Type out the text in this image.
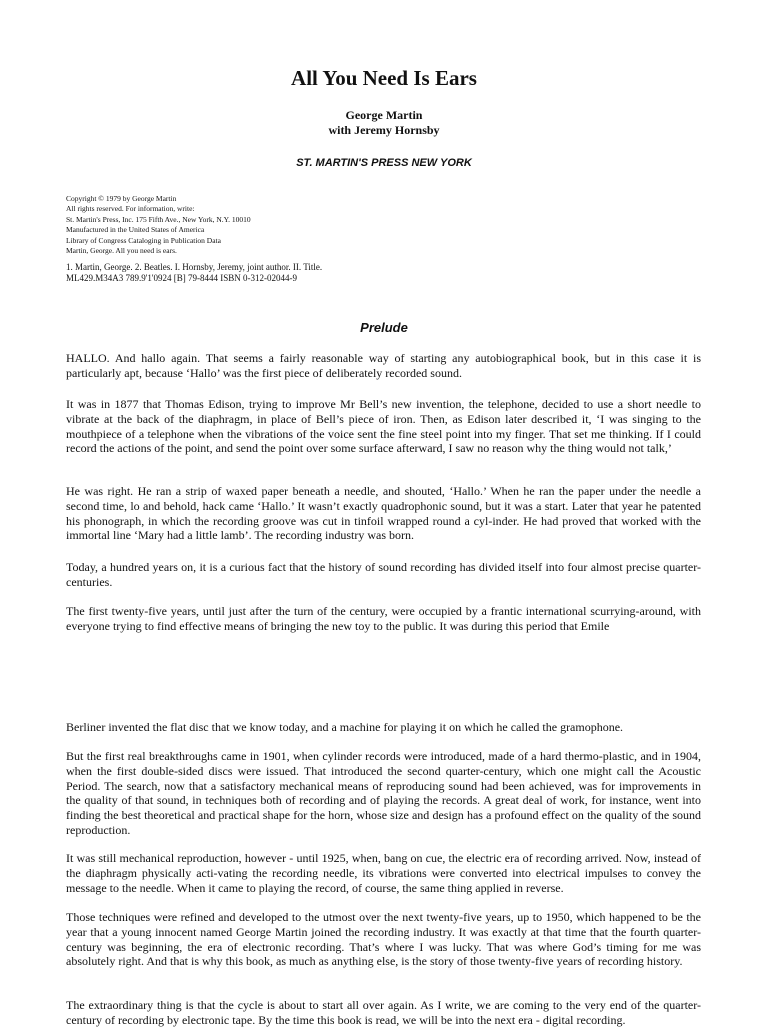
All You Need Is Ears

George Martin

with Jeremy Hornsby

ST. MARTIN'S PRESS NEW YORK

Copyright © 1979 by George Martin
All rights reserved. For information, write:
St. Martin's Press, Inc. 175 Fifth Ave., New York, N.Y. 10010
Manufactured in the United States of America
Library of Congress Cataloging in Publication Data
Martin, George. All you need is ears.
1. Martin, George. 2. Beatles. I. Hornsby, Jeremy, joint author. II. Title.
ML429.M34A3 789.9'1'0924 [B] 79-8444 ISBN 0-312-02044-9
Prelude

HALLO. And hallo again. That seems a fairly reasonable way of starting any autobiographical book, but in this case it is particularly apt, because ‘Hallo’ was the first piece of deliberately recorded sound.

It was in 1877 that Thomas Edison, trying to improve Mr Bell’s new invention, the telephone, decided to use a short needle to vibrate at the back of the diaphragm, in place of Bell’s piece of iron. Then, as Edison later described it, ‘I was singing to the mouthpiece of a telephone when the vibrations of the voice sent the fine steel point into my finger. That set me thinking. If I could record the actions of the point, and send the point over some surface afterward, I saw no reason why the thing would not talk,’

He was right. He ran a strip of waxed paper beneath a needle, and shouted, ‘Hallo.’ When he ran the paper under the needle a second time, lo and behold, hack came ‘Hallo.’ It wasn’t exactly quadrophonic sound, but it was a start. Later that year he patented his phonograph, in which the recording groove was cut in tinfoil wrapped round a cyl-inder. He had proved that worked with the immortal line ‘Mary had a little lamb’. The recording industry was born.

Today, a hundred years on, it is a curious fact that the history of sound recording has divided itself into four almost precise quarter-centuries.

The first twenty-five years, until just after the turn of the century, were occupied by a frantic international scurrying-around, with everyone trying to find effective means of bringing the new toy to the public. It was during this period that Emile

Berliner invented the flat disc that we know today, and a machine for playing it on which he called the gramophone.

But the first real breakthroughs came in 1901, when cylinder records were introduced, made of a hard thermo-plastic, and in 1904, when the first double-sided discs were issued. That introduced the second quarter-century, which one might call the Acoustic Period. The search, now that a satisfactory mechanical means of reproducing sound had been achieved, was for improvements in the quality of that sound, in techniques both of recording and of playing the records. A great deal of work, for instance, went into finding the best theoretical and practical shape for the horn, whose size and design has a profound effect on the quality of the sound reproduction.

It was still mechanical reproduction, however - until 1925, when, bang on cue, the electric era of recording arrived. Now, instead of the diaphragm physically acti-vating the recording needle, its vibrations were converted into electrical impulses to convey the message to the needle. When it came to playing the record, of course, the same thing applied in reverse.

Those techniques were refined and developed to the utmost over the next twenty-five years, up to 1950, which happened to be the year that a young innocent named George Martin joined the recording industry. It was exactly at that time that the fourth quarter-century was beginning, the era of electronic recording. That’s where I was lucky. That was where God’s timing for me was absolutely right. And that is why this book, as much as anything else, is the story of those twenty-five years of recording history.

The extraordinary thing is that the cycle is about to start all over again. As I write, we are coming to the very end of the quarter-century of recording by electronic tape. By the time this book is read, we will be into the next era - digital recording.
